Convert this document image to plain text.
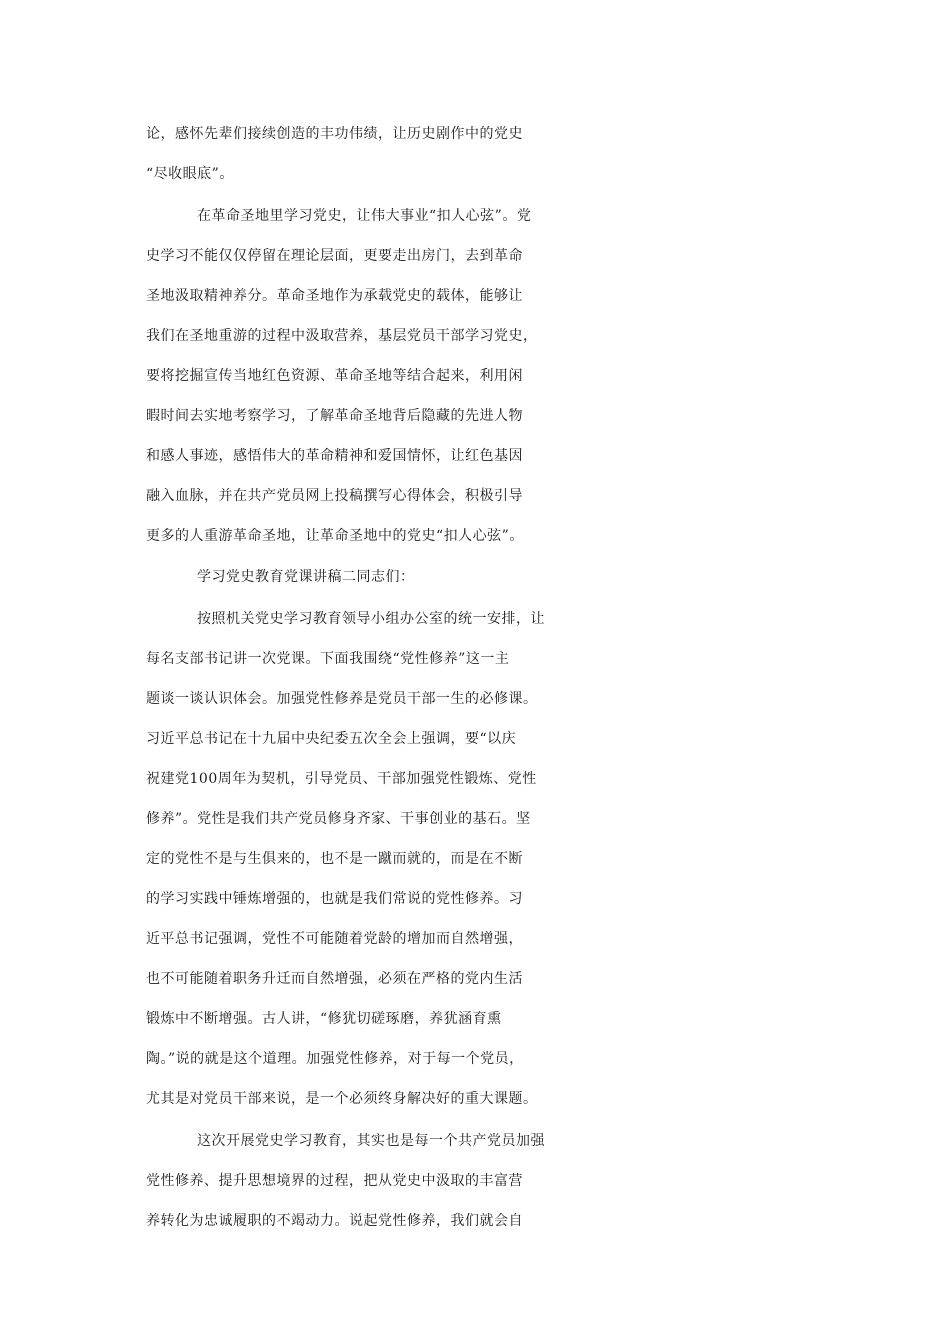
论，感怀先辈们接续创造的丰功伟绩，让历史剧作中的党史

“尽收眼底”。

在革命圣地里学习党史，让伟大事业“扣人心弦”。党

史学习不能仅仅停留在理论层面，更要走出房门，去到革命

圣地汲取精神养分。革命圣地作为承载党史的载体，能够让

我们在圣地重游的过程中汲取营养，基层党员干部学习党史，

要将挖掘宣传当地红色资源、革命圣地等结合起来，利用闲

暇时间去实地考察学习，了解革命圣地背后隐藏的先进人物

和感人事迹，感悟伟大的革命精神和爱国情怀，让红色基因

融入血脉，并在共产党员网上投稿撰写心得体会，积极引导

更多的人重游革命圣地，让革命圣地中的党史“扣人心弦”。

学习党史教育党课讲稿二同志们：

按照机关党史学习教育领导小组办公室的统一安排，让

每名支部书记讲一次党课。下面我围绕“党性修养”这一主

题谈一谈认识体会。加强党性修养是党员干部一生的必修课。

习近平总书记在十九届中央纪委五次全会上强调，要“以庆

祝建党100周年为契机，引导党员、干部加强党性锻炼、党性

修养”。党性是我们共产党员修身齐家、干事创业的基石。坚

定的党性不是与生俱来的，也不是一蹴而就的，而是在不断

的学习实践中锤炼增强的，也就是我们常说的党性修养。习

近平总书记强调，党性不可能随着党龄的增加而自然增强，

也不可能随着职务升迁而自然增强，必须在严格的党内生活

锻炼中不断增强。古人讲，“修犹切磋琢磨，养犹涵育熏

陶。”说的就是这个道理。加强党性修养，对于每一个党员，

尤其是对党员干部来说，是一个必须终身解决好的重大课题。

这次开展党史学习教育，其实也是每一个共产党员加强

党性修养、提升思想境界的过程，把从党史中汲取的丰富营

养转化为忠诚履职的不竭动力。说起党性修养，我们就会自
